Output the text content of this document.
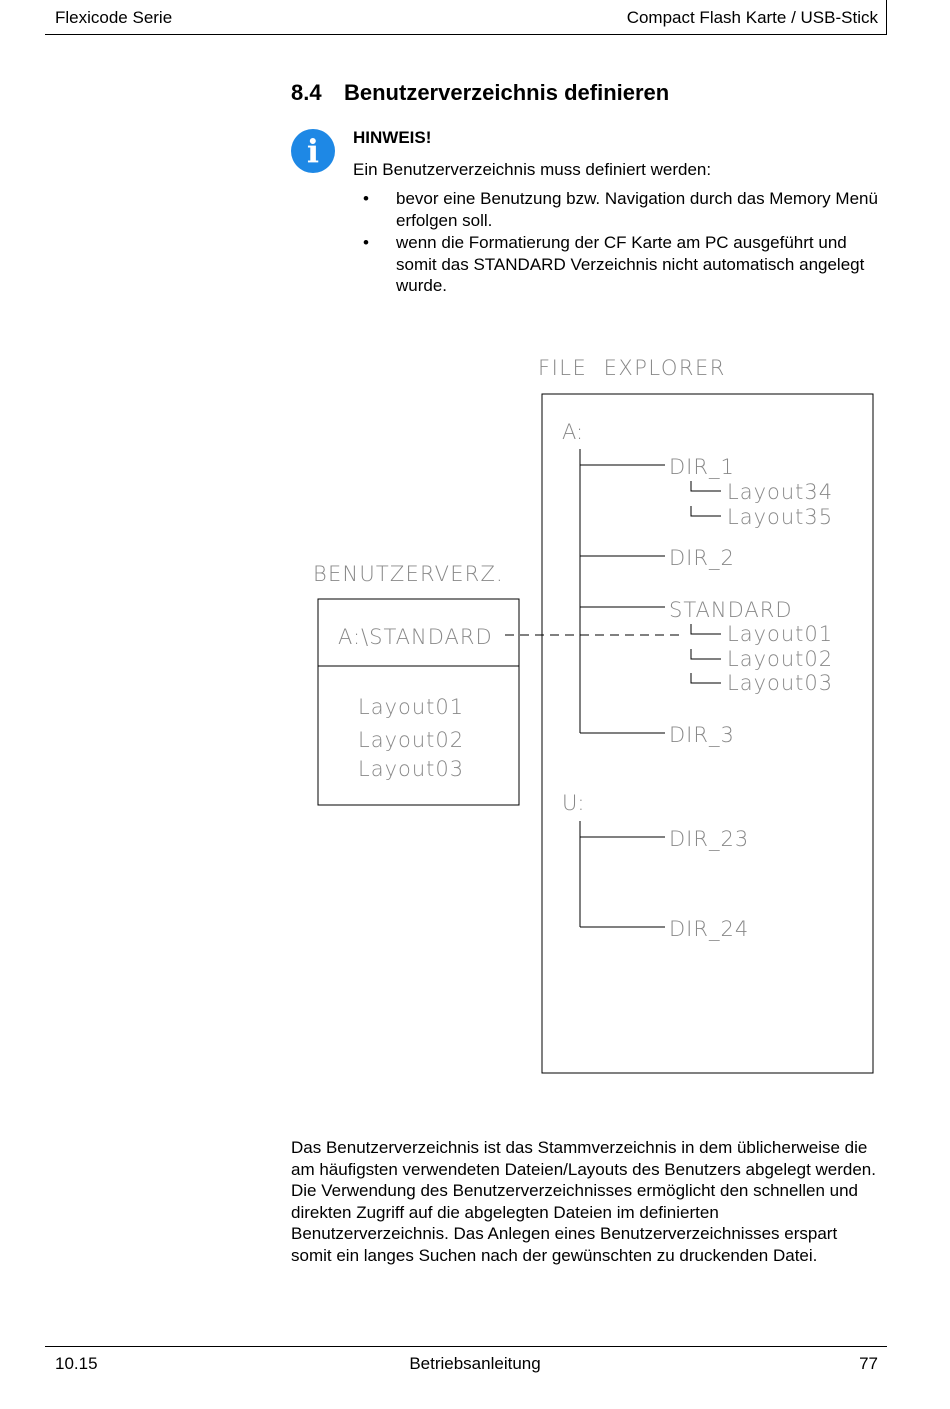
Flexicode Serie	Compact Flash Karte / USB-Stick
8.4 Benutzerverzeichnis definieren
i	HINWEIS!
Ein Benutzerverzeichnis muss definiert werden:
• bevor eine Benutzung bzw. Navigation durch das Memory Menü erfolgen soll.
• wenn die Formatierung der CF Karte am PC ausgeführt und somit das STANDARD Verzeichnis nicht automatisch angelegt wurde.
FILE  EXPLORER
BENUTZERVERZ.
A:\STANDARD
Layout01
Layout02
Layout03
A:
DIR_1
Layout34
Layout35
DIR_2
STANDARD
Layout01
Layout02
Layout03
DIR_3
U:
DIR_23
DIR_24
Das Benutzerverzeichnis ist das Stammverzeichnis in dem üblicherweise die am häufigsten verwendeten Dateien/Layouts des Benutzers abgelegt werden. Die Verwendung des Benutzerverzeichnisses ermöglicht den schnellen und direkten Zugriff auf die abgelegten Dateien im definierten Benutzerverzeichnis. Das Anlegen eines Benutzerverzeichnisses erspart somit ein langes Suchen nach der gewünschten zu druckenden Datei.
10.15	Betriebsanleitung	77
